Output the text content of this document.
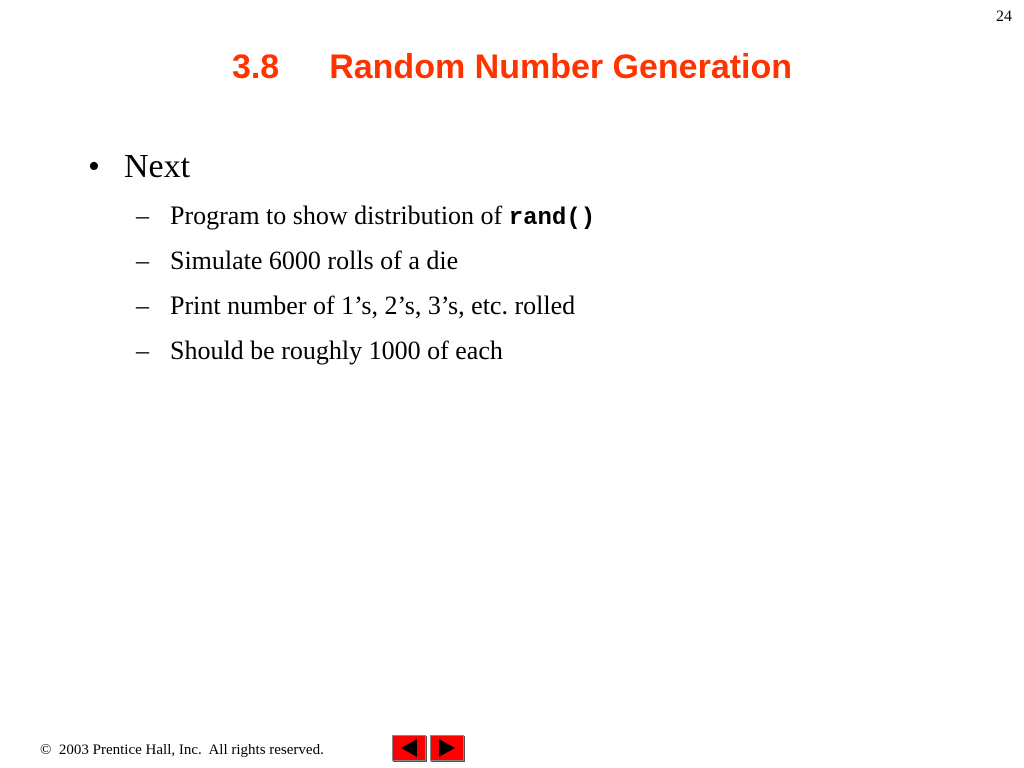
24
3.8 Random Number Generation
• Next
– Program to show distribution of rand()
– Simulate 6000 rolls of a die
– Print number of 1’s, 2’s, 3’s, etc. rolled
– Should be roughly 1000 of each
©  2003 Prentice Hall, Inc.  All rights reserved.
